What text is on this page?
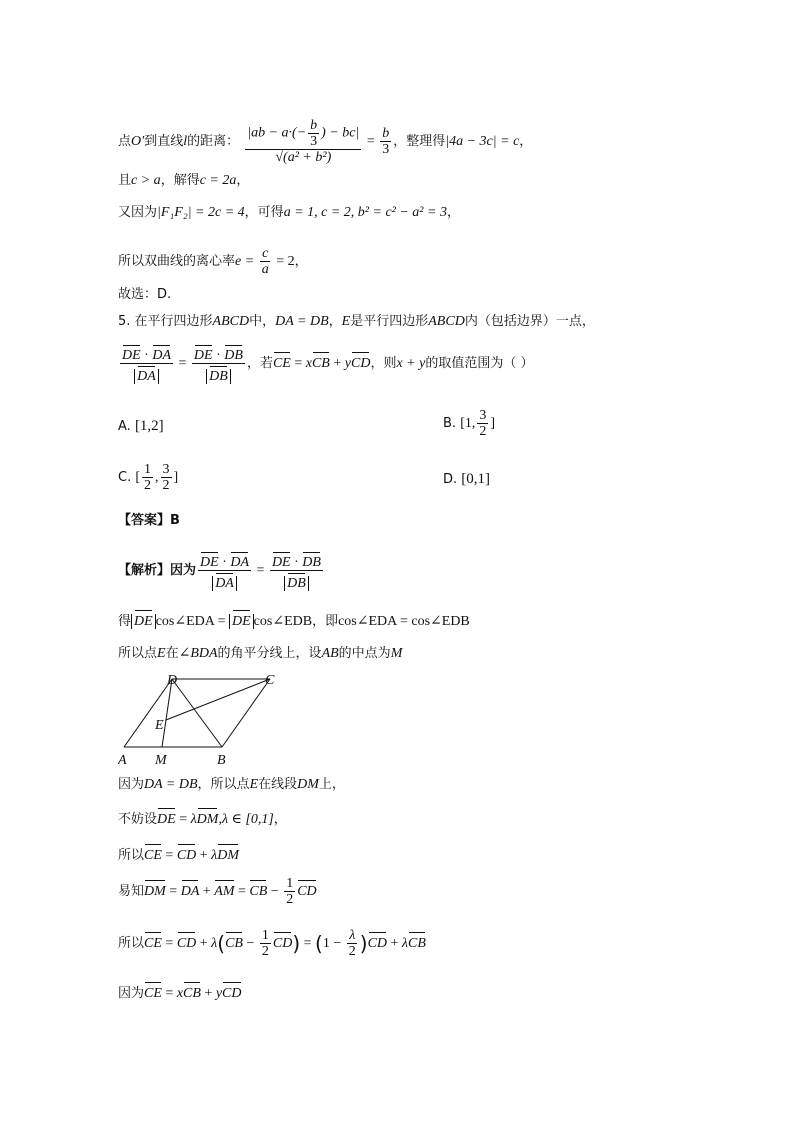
点O′到直线l的距离： $\frac{|ab - a\cdot(- \frac{b}{3} ) - bc|}{\text{√(a² + b²)}} = \frac{b}{3}$ ，整理得|4a − 3c| = c，
且c > a，解得c = 2a，
又因为|F₁F₂| = 2c = 4，可得a = 1, c = 2, b² = c² − a² = 3，
所以双曲线的离心率$e = \frac{c}{a} = 2$，
故选：D.
5. 在平行四边形ABCD中，DA = DB，E是平行四边形ABCD内（包括边界）一点，
$\frac{DE \cdot DA}{DA} = \frac{DE \cdot DB}{DB}$ ，若CE = xCB + yCD，则x + y的取值范围为（ ）
A. [1,2]	B. [1, $\frac{3}{2}$ ]
C. [ $\frac{1}{2}$ , $\frac{3}{2}$ ]	D. [0,1]
【答案】B
【解析】因为 $\frac{DE \cdot DA}{DA} = \frac{DE \cdot DB}{DB}$
得 DE cos∠EDA = DE cos∠EDB，即cos∠EDA = cos∠EDB
所以点E在∠BDA的角平分线上，设AB的中点为M
A M	B
D	C
E
因为DA = DB，所以点E在线段DM上，
不妨设DE = λDM,λ ∈ [0,1]，
所以CE = CD + λDM
易知DM = DA + AM = CB − $\frac{1}{2}$ CD
所以CE = CD + $\lambda(CB - \frac{1}{2} CD) = (1 - \frac{\lambda}{2} )CD + \lambda CB$
因为CE = xCB + yCD
